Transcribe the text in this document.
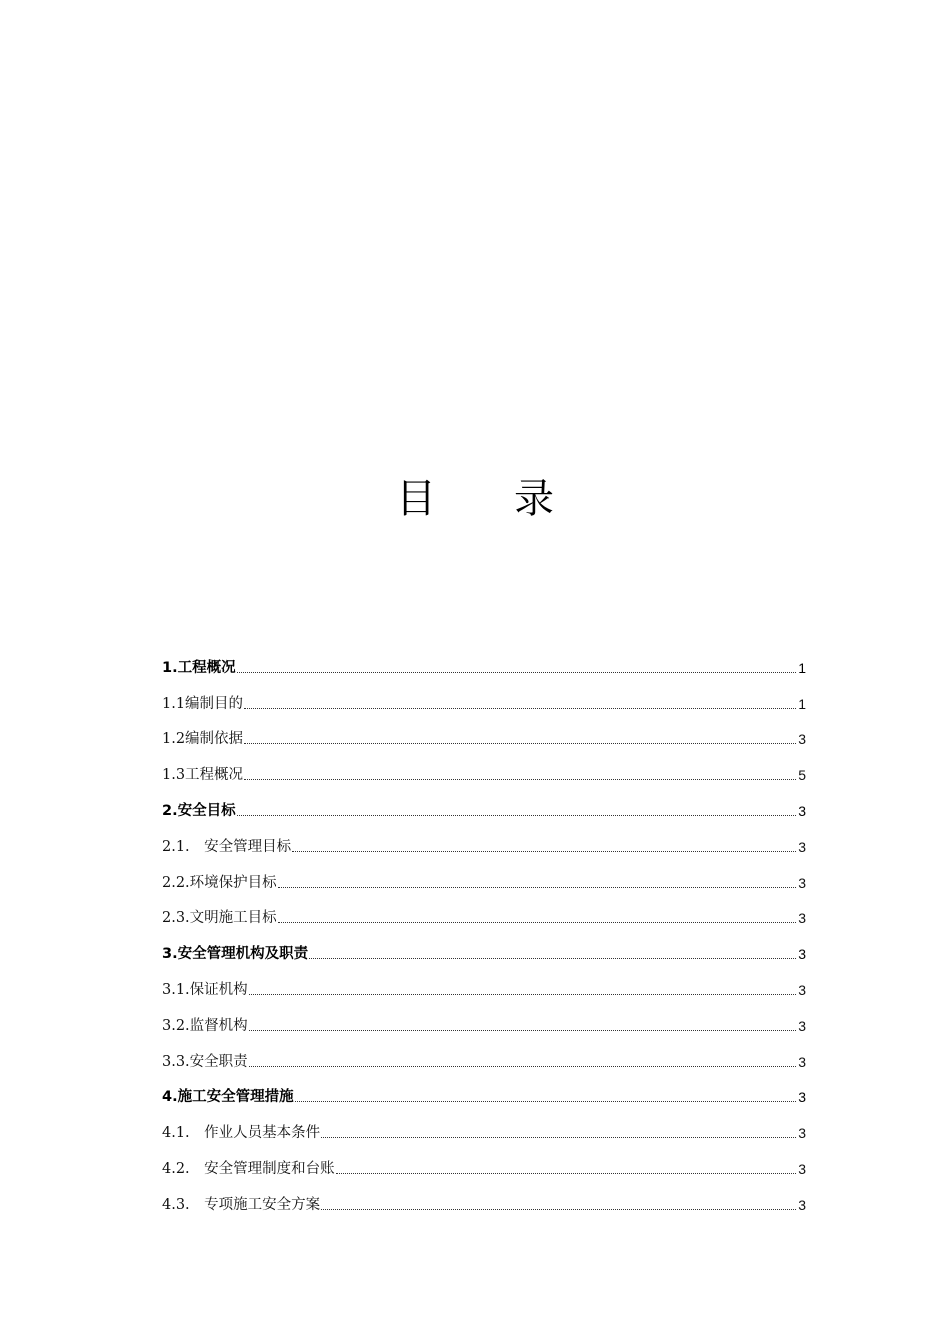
目 录
1.工程概况	1
1.1编制目的	1
1.2编制依据	3
1.3工程概况	5
2.安全目标	3
2.1.　安全管理目标	3
2.2.环境保护目标	3
2.3.文明施工目标	3
3.安全管理机构及职责	3
3.1.保证机构	3
3.2.监督机构	3
3.3.安全职责	3
4.施工安全管理措施	3
4.1.　作业人员基本条件	3
4.2.　安全管理制度和台账	3
4.3.　专项施工安全方案	3
